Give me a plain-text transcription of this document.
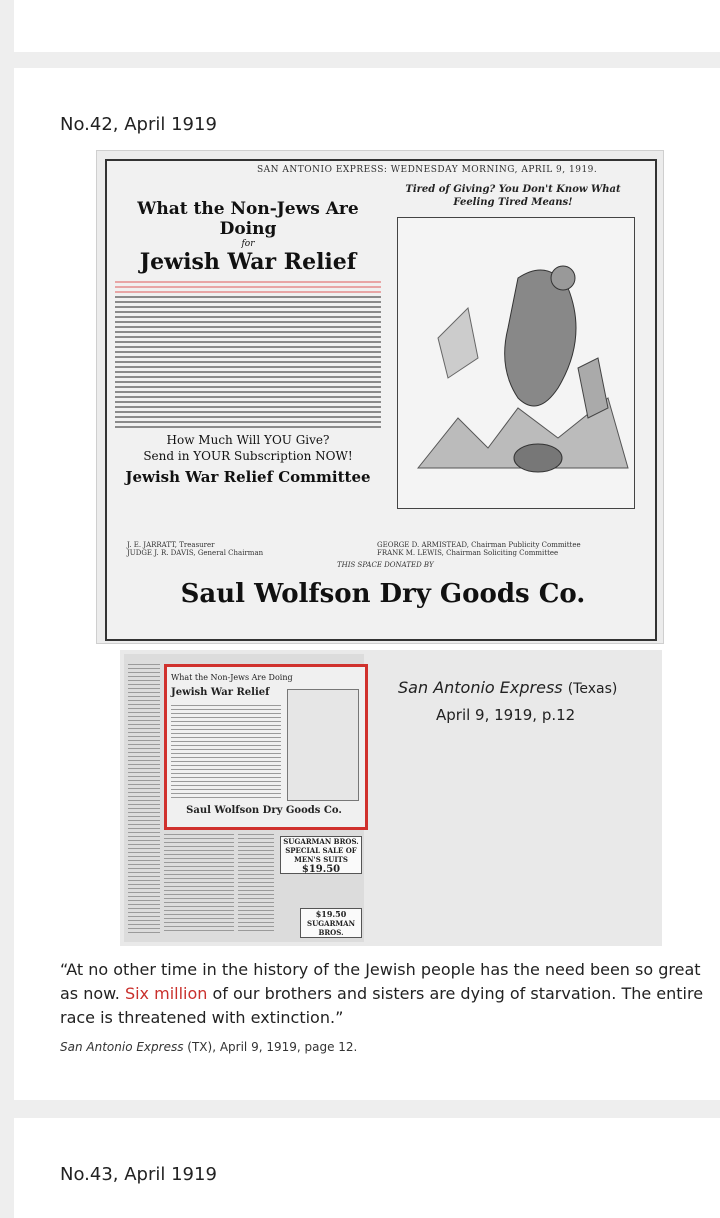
No.42, April 1919
SAN ANTONIO EXPRESS: WEDNESDAY MORNING, APRIL 9, 1919.
What the Non-Jews Are Doing
for
Jewish War Relief
How Much Will YOU Give?
Send in YOUR Subscription NOW!
Jewish War Relief Committee
Tired of Giving? You Don't Know What Feeling Tired Means!
J. E. JARRATT, Treasurer
JUDGE J. R. DAVIS, General Chairman
GEORGE D. ARMISTEAD, Chairman Publicity Committee
FRANK M. LEWIS, Chairman Soliciting Committee
THIS SPACE DONATED BY
Saul Wolfson Dry Goods Co.
What the Non-Jews Are Doing
Jewish War Relief
Saul Wolfson Dry Goods Co.
SUGARMAN BROS. SPECIAL SALE OF MEN'S SUITS
$19.50
$19.50
SUGARMAN BROS.
San Antonio Express (Texas)
April 9, 1919, p.12
“At no other time in the history of the Jewish people has the need been so great as now. Six million of our brothers and sisters are dying of starvation. The entire race is threatened with extinction.”
San Antonio Express (TX), April 9, 1919, page 12.
No.43, April 1919
